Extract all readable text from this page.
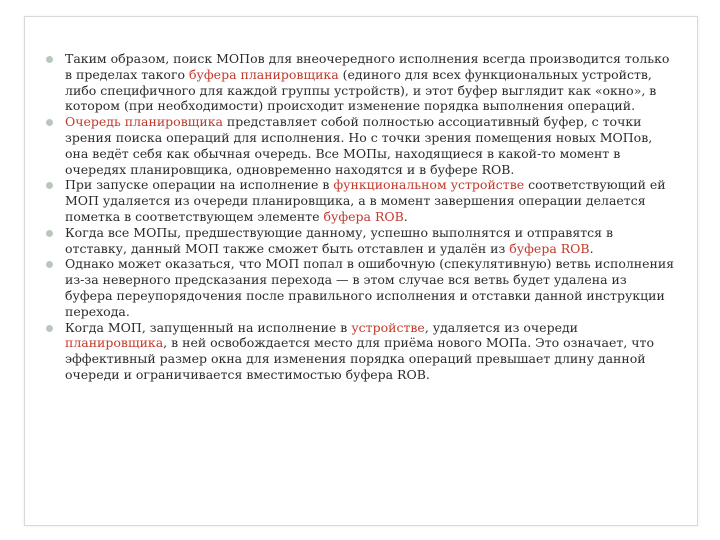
Таким образом, поиск МОПов для внеочередного исполнения всегда производится только в пределах такого буфера планировщика (единого для всех функциональных устройств, либо специфичного для каждой группы устройств), и этот буфер выглядит как «окно», в котором (при необходимости) происходит изменение порядка выполнения операций.
Очередь планировщика представляет собой полностью ассоциативный буфер, с точки зрения поиска операций для исполнения. Но с точки зрения помещения новых МОПов, она ведёт себя как обычная очередь. Все МОПы, находящиеся в какой-то момент в очередях планировщика, одновременно находятся и в буфере ROB.
При запуске операции на исполнение в функциональном устройстве соответствующий ей МОП удаляется из очереди планировщика, а в момент завершения операции делается пометка в соответствующем элементе буфера ROB.
Когда все МОПы, предшествующие данному, успешно выполнятся и отправятся в отставку, данный МОП также сможет быть отставлен и удалён из буфера ROB.
Однако может оказаться, что МОП попал в ошибочную (спекулятивную) ветвь исполнения из-за неверного предсказания перехода — в этом случае вся ветвь будет удалена из буфера переупорядочения после правильного исполнения и отставки данной инструкции перехода.
Когда МОП, запущенный на исполнение в устройстве, удаляется из очереди планировщика, в ней освобождается место для приёма нового МОПа. Это означает, что эффективный размер окна для изменения порядка операций превышает длину данной очереди и ограничивается вместимостью буфера ROB.
